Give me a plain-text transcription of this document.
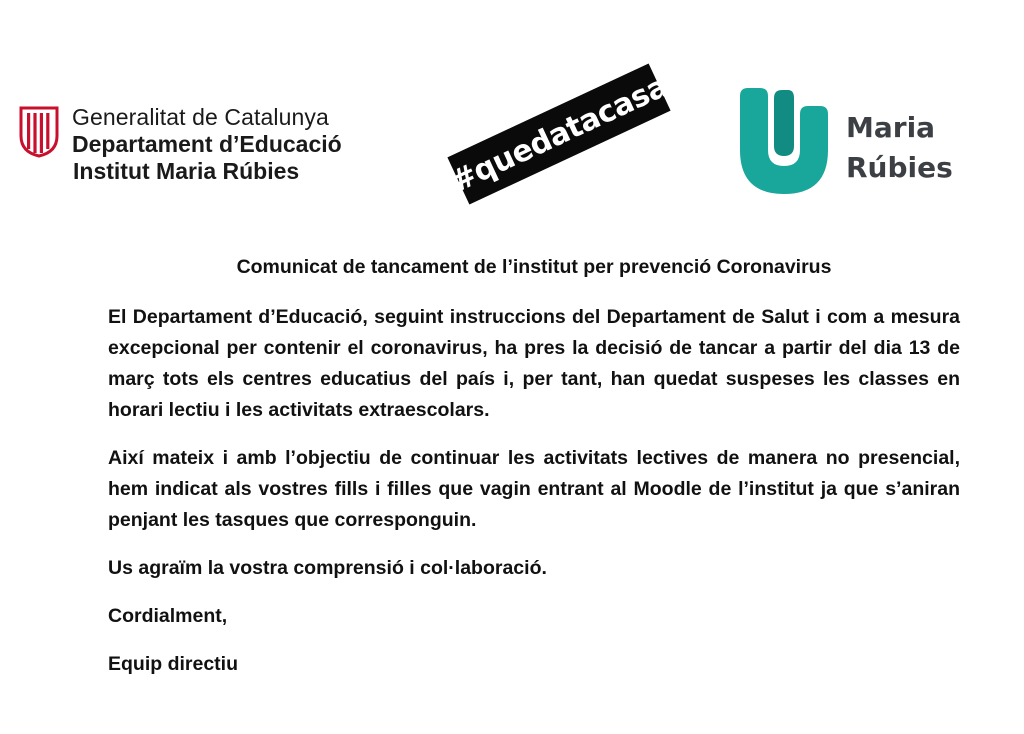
Generalitat de Catalunya
Departament d’Educació
Institut Maria Rúbies	#quedatacasa	Maria
Rúbies
Comunicat de tancament de l’institut per prevenció Coronavirus

El Departament d’Educació, seguint instruccions del Departament de Salut i com a mesura excepcional per contenir el coronavirus, ha pres la decisió de tancar a partir del dia 13 de març tots els centres educatius del país i, per tant, han quedat suspeses les classes en horari lectiu i les activitats extraescolars.

Així mateix i amb l’objectiu de continuar les activitats lectives de manera no presencial, hem indicat als vostres fills i filles que vagin entrant al Moodle de l’institut ja que s’aniran penjant les tasques que corresponguin.

Us agraïm la vostra comprensió i col·laboració.

Cordialment,

Equip directiu
